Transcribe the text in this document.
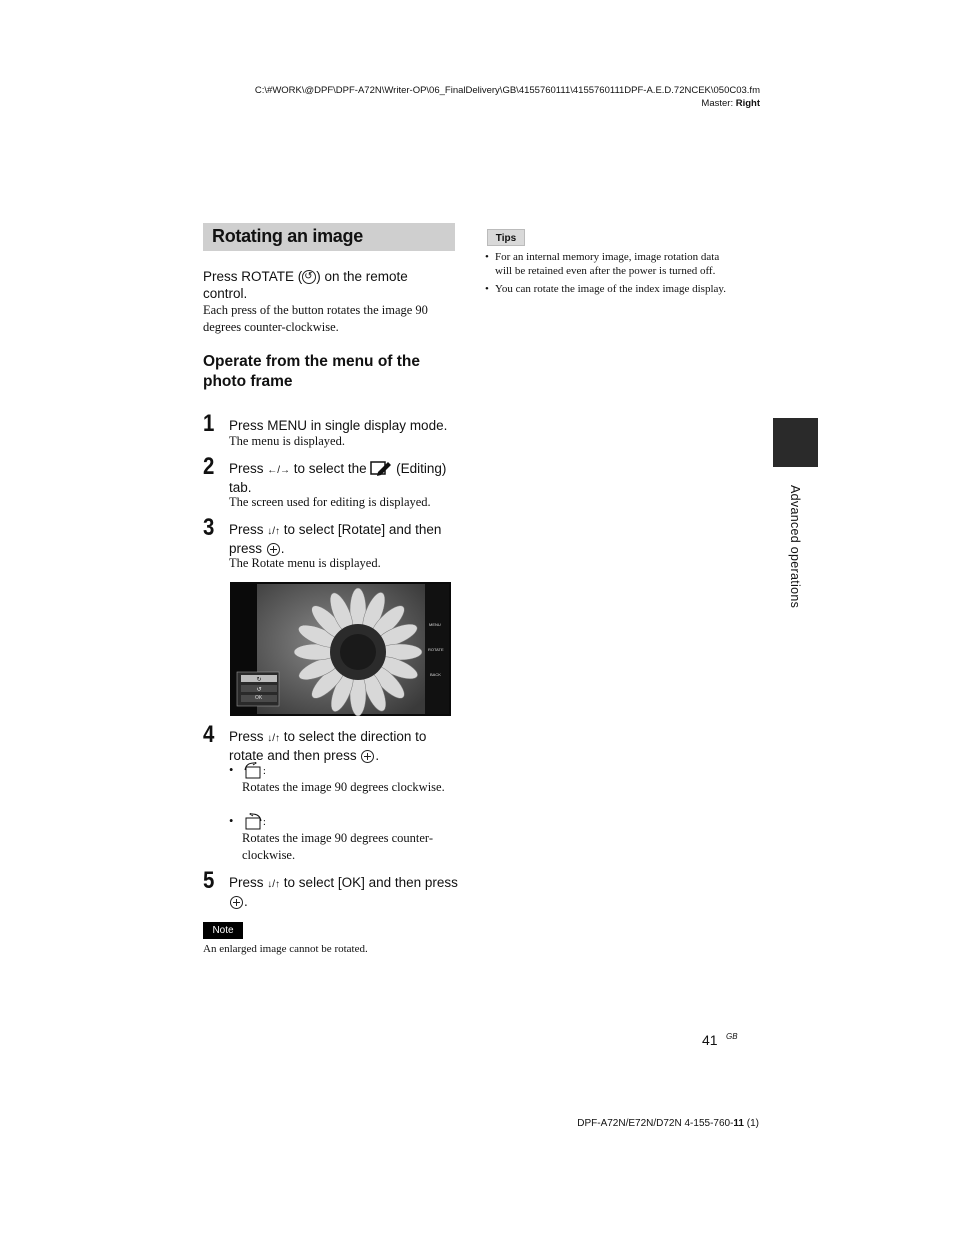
C:\#WORK\@DPF\DPF-A72N\Writer-OP\06_FinalDelivery\GB\4155760111\4155760111DPF-A.E.D.72NCEK\050C03.fm
Master: Right
Rotating an image
Press ROTATE ( ↺ ) on the remote control.
Each press of the button rotates the image 90 degrees counter-clockwise.
Operate from the menu of the photo frame
1 Press MENU in single display mode.
The menu is displayed.
2 Press ←/→ to select the  (Editing) tab.
The screen used for editing is displayed.
3 Press ↓/↑ to select [Rotate] and then press .
The Rotate menu is displayed.
↻
↺
MENU
ROTATE
BACK
OK
4 Press ↓/↑ to select the direction to rotate and then press .
•	:
Rotates the image 90 degrees clockwise.
•	:
Rotates the image 90 degrees counter-clockwise.
5 Press ↓/↑ to select [OK] and then press .
Note
An enlarged image cannot be rotated.
Tips
• For an internal memory image, image rotation data will be retained even after the power is turned off.
• You can rotate the image of the index image display.
Advanced operations
41 GB
DPF-A72N/E72N/D72N 4-155-760-11 (1)
